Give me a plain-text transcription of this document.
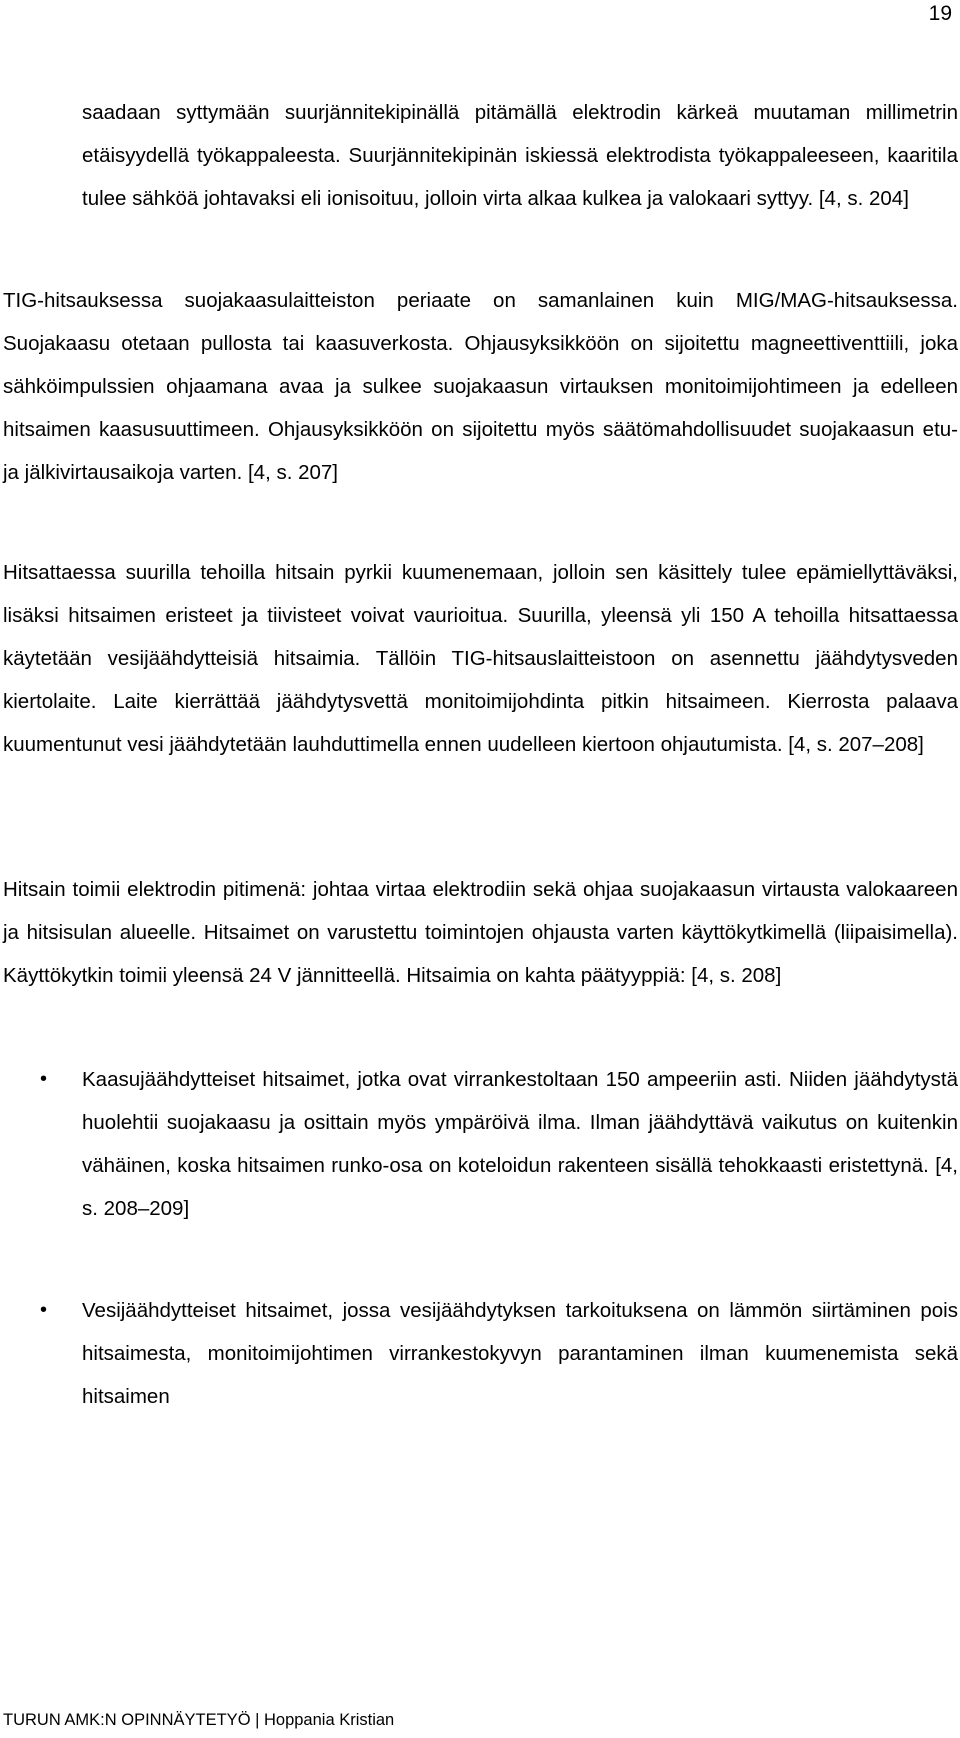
19

saadaan syttymään suurjännitekipinällä pitämällä elektrodin kärkeä muutaman millimetrin etäisyydellä työkappaleesta. Suurjännitekipinän iskiessä elektrodista työkappaleeseen, kaaritila tulee sähköä johtavaksi eli ionisoituu, jolloin virta alkaa kulkea ja valokaari syttyy. [4, s. 204]

TIG-hitsauksessa suojakaasulaitteiston periaate on samanlainen kuin MIG/MAG-hitsauksessa. Suojakaasu otetaan pullosta tai kaasuverkosta. Ohjausyksikköön on sijoitettu magneettiventtiili, joka sähköimpulssien ohjaamana avaa ja sulkee suojakaasun virtauksen monitoimijohtimeen ja edelleen hitsaimen kaasusuuttimeen. Ohjausyksikköön on sijoitettu myös säätömahdollisuudet suojakaasun etu- ja jälkivirtausaikoja varten. [4, s. 207]

Hitsattaessa suurilla tehoilla hitsain pyrkii kuumenemaan, jolloin sen käsittely tulee epämiellyttäväksi, lisäksi hitsaimen eristeet ja tiivisteet voivat vaurioitua. Suurilla, yleensä yli 150 A tehoilla hitsattaessa käytetään vesijäähdytteisiä hitsaimia. Tällöin TIG-hitsauslaitteistoon on asennettu jäähdytysveden kiertolaite. Laite kierrättää jäähdytysvettä monitoimijohdinta pitkin hitsaimeen. Kierrosta palaava kuumentunut vesi jäähdytetään lauhduttimella ennen uudelleen kiertoon ohjautumista. [4, s. 207–208]

Hitsain toimii elektrodin pitimenä: johtaa virtaa elektrodiin sekä ohjaa suojakaasun virtausta valokaareen ja hitsisulan alueelle. Hitsaimet on varustettu toimintojen ohjausta varten käyttökytkimellä (liipaisimella). Käyttökytkin toimii yleensä 24 V jännitteellä. Hitsaimia on kahta päätyyppiä: [4, s. 208]

• Kaasujäähdytteiset hitsaimet, jotka ovat virrankestoltaan 150 ampeeriin asti. Niiden jäähdytystä huolehtii suojakaasu ja osittain myös ympäröivä ilma. Ilman jäähdyttävä vaikutus on kuitenkin vähäinen, koska hitsaimen runko-osa on koteloidun rakenteen sisällä tehokkaasti eristettynä. [4, s. 208–209]
• Vesijäähdytteiset hitsaimet, jossa vesijäähdytyksen tarkoituksena on lämmön siirtäminen pois hitsaimesta, monitoimijohtimen virrankestokyvyn parantaminen ilman kuumenemista sekä hitsaimen
TURUN AMK:N OPINNÄYTETYÖ | Hoppania Kristian
